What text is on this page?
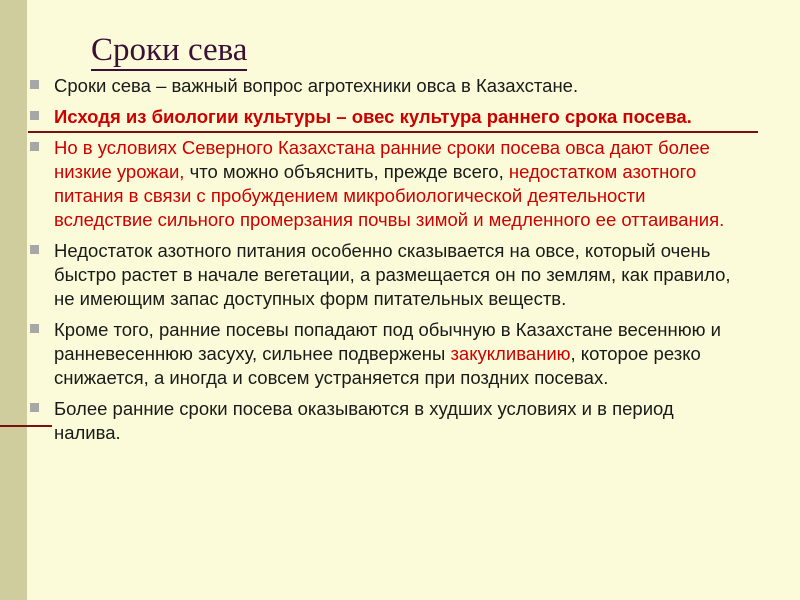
Сроки сева
Сроки сева – важный вопрос агротехники овса в Казахстане.
Исходя из биологии культуры – овес культура раннего срока посева.
Но в условиях Северного Казахстана ранние сроки посева овса дают более низкие урожаи, что можно объяснить, прежде всего, недостатком азотного питания в связи с пробуждением микробиологической деятельности вследствие сильного промерзания почвы зимой и медленного ее оттаивания.
Недостаток азотного питания особенно сказывается на овсе, который очень быстро растет в начале вегетации, а размещается он по землям, как правило, не имеющим запас доступных форм питательных веществ.
Кроме того, ранние посевы попадают под обычную в Казахстане весеннюю и ранневесеннюю засуху, сильнее подвержены закукливанию, которое резко снижается, а иногда и совсем устраняется при поздних посевах.
Более ранние сроки посева оказываются в худших условиях и в период налива.
